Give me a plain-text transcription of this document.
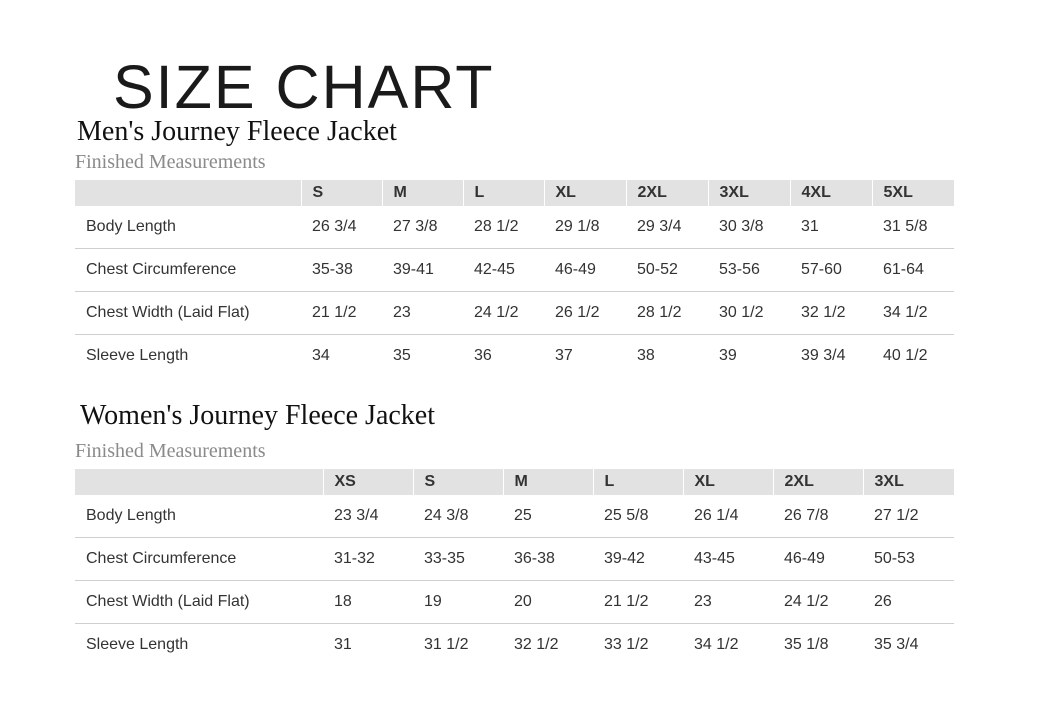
SIZE CHART
Men's Journey Fleece Jacket
Finished Measurements
	S	M	L	XL	2XL	3XL	4XL	5XL
Body Length	26 3/4	27 3/8	28 1/2	29 1/8	29 3/4	30 3/8	31	31 5/8
Chest Circumference	35-38	39-41	42-45	46-49	50-52	53-56	57-60	61-64
Chest Width (Laid Flat)	21 1/2	23	24 1/2	26 1/2	28 1/2	30 1/2	32 1/2	34 1/2
Sleeve Length	34	35	36	37	38	39	39 3/4	40 1/2
Women's Journey Fleece Jacket
Finished Measurements
	XS	S	M	L	XL	2XL	3XL
Body Length	23 3/4	24 3/8	25	25 5/8	26 1/4	26 7/8	27 1/2
Chest Circumference	31-32	33-35	36-38	39-42	43-45	46-49	50-53
Chest Width (Laid Flat)	18	19	20	21 1/2	23	24 1/2	26
Sleeve Length	31	31 1/2	32 1/2	33 1/2	34 1/2	35 1/8	35 3/4
